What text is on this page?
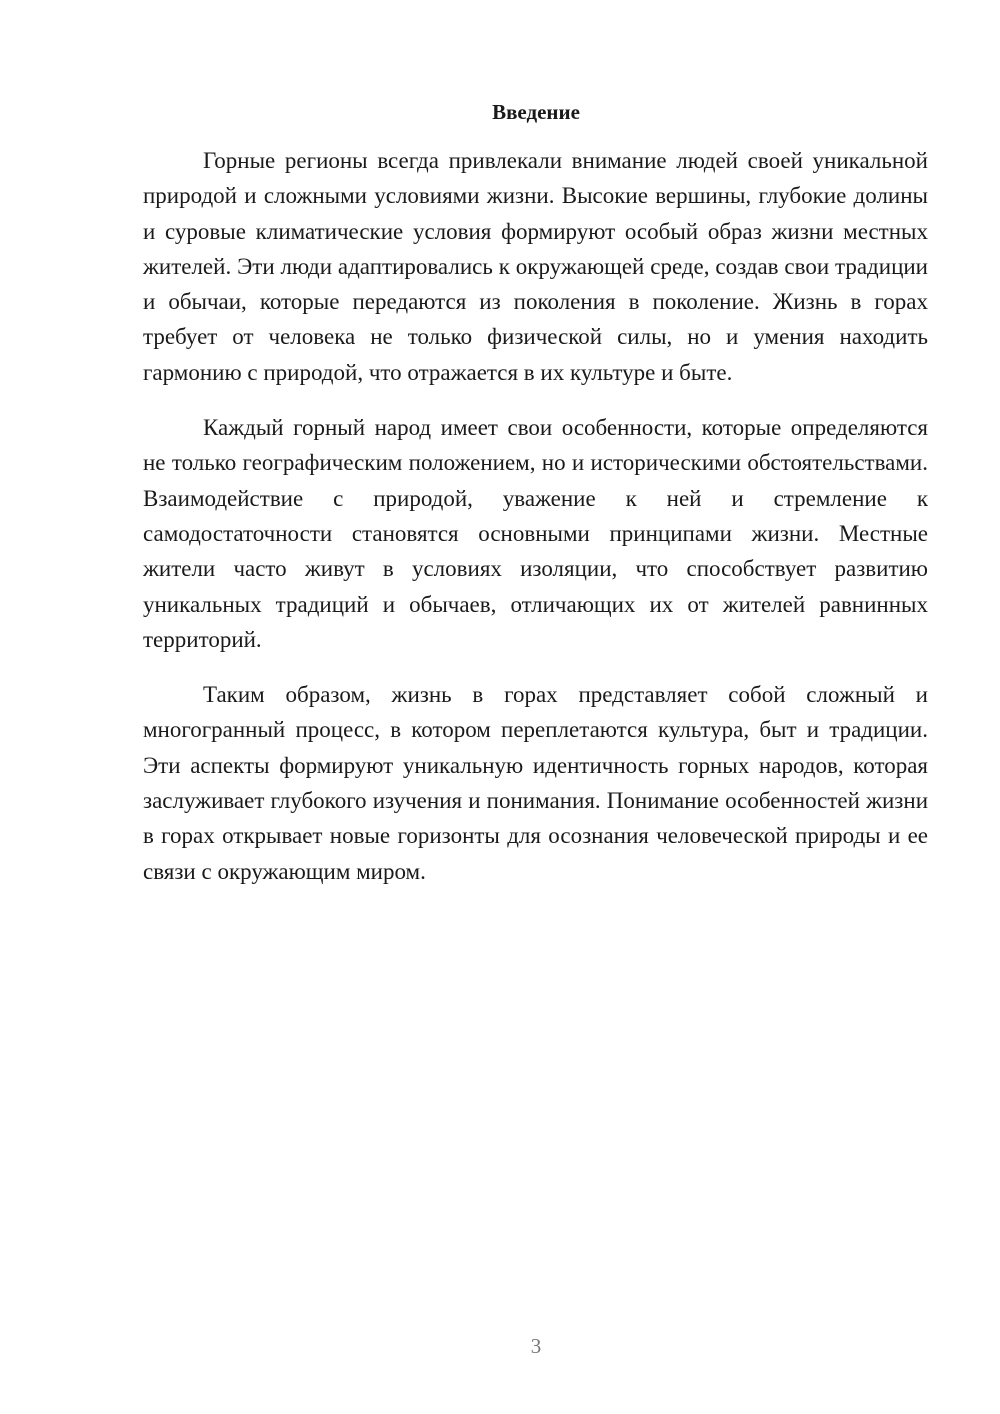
Введение

Горные регионы всегда привлекали внимание людей своей уникальной природой и сложными условиями жизни. Высокие вершины, глубокие долины и суровые климатические условия формируют особый образ жизни местных жителей. Эти люди адаптировались к окружающей среде, создав свои традиции и обычаи, которые передаются из поколения в поколение. Жизнь в горах требует от человека не только физической силы, но и умения находить гармонию с природой, что отражается в их культуре и быте.

Каждый горный народ имеет свои особенности, которые определяются не только географическим положением, но и историческими обстоятельствами. Взаимодействие с природой, уважение к ней и стремление к самодостаточности становятся основными принципами жизни. Местные жители часто живут в условиях изоляции, что способствует развитию уникальных традиций и обычаев, отличающих их от жителей равнинных территорий.

Таким образом, жизнь в горах представляет собой сложный и многогранный процесс, в котором переплетаются культура, быт и традиции. Эти аспекты формируют уникальную идентичность горных народов, которая заслуживает глубокого изучения и понимания. Понимание особенностей жизни в горах открывает новые горизонты для осознания человеческой природы и ее связи с окружающим миром.

3
